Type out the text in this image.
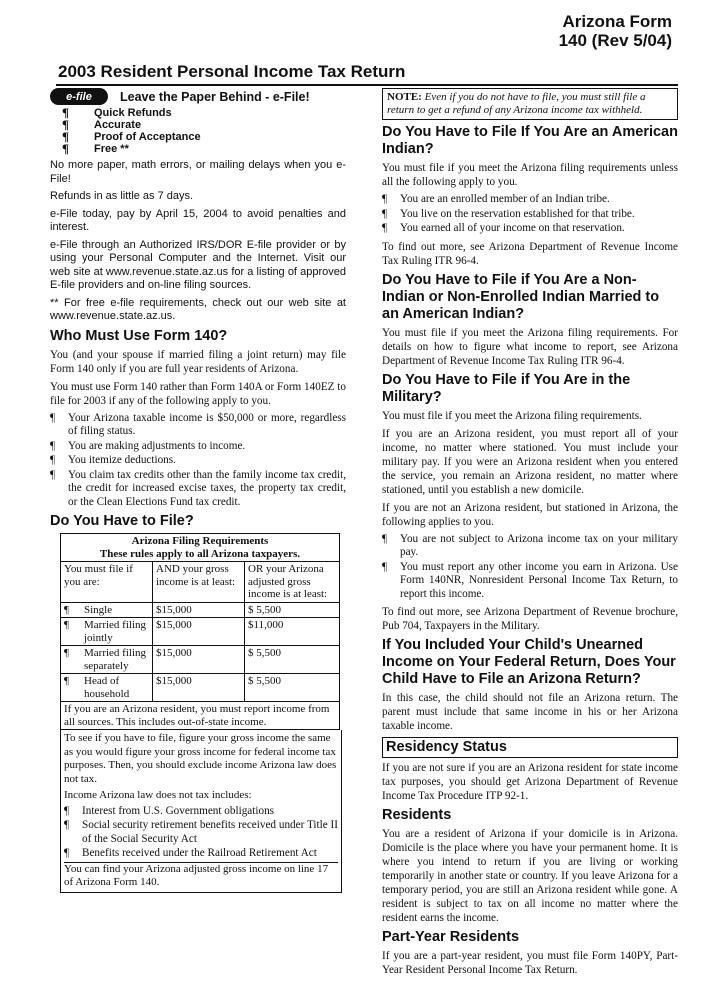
Arizona Form
140 (Rev 5/04)
2003 Resident Personal Income Tax Return
e-file	Leave the Paper Behind - e-File!
¶	Quick Refunds
¶	Accurate
¶	Proof of Acceptance
¶	Free **

No more paper, math errors, or mailing delays when you e-File!

Refunds in as little as 7 days.

e-File today, pay by April 15, 2004 to avoid penalties and interest.

e-File through an Authorized IRS/DOR E-file provider or by using your Personal Computer and the Internet. Visit our web site at www.revenue.state.az.us for a listing of approved E-file providers and on-line filing sources.

** For free e-file requirements, check out our web site at www.revenue.state.az.us.

Who Must Use Form 140?

You (and your spouse if married filing a joint return) may file Form 140 only if you are full year residents of Arizona.

You must use Form 140 rather than Form 140A or Form 140EZ to file for 2003 if any of the following apply to you.

¶	Your Arizona taxable income is $50,000 or more, regardless of filing status.
¶	You are making adjustments to income.
¶	You itemize deductions.
¶	You claim tax credits other than the family income tax credit, the credit for increased excise taxes, the property tax credit, or the Clean Elections Fund tax credit.
Do You Have to File?
Arizona Filing Requirements
These rules apply to all Arizona taxpayers.		

You must file if you are:	AND your gross income is at least:	OR your Arizona adjusted gross income is at least:
¶ Single	$15,000	$ 5,500

¶ Married filing jointly	$15,000	$11,000

¶ Married filing separately	$15,000	$ 5,500

¶ Head of household	$15,000	$ 5,500
If you are an Arizona resident, you must report income from all sources. This includes out-of-state income.		
To see if you have to file, figure your gross income the same as you would figure your gross income for federal income tax purposes. Then, you should exclude income Arizona law does not tax.
Income Arizona law does not tax includes:
¶	Interest from U.S. Government obligations
¶	Social security retirement benefits received under Title II of the Social Security Act
¶	Benefits received under the Railroad Retirement Act
You can find your Arizona adjusted gross income on line 17 of Arizona Form 140.
NOTE: Even if you do not have to file, you must still file a return to get a refund of any Arizona income tax withheld.
Do You Have to File If You Are an American Indian?

You must file if you meet the Arizona filing requirements unless all the following apply to you.

¶	You are an enrolled member of an Indian tribe.
¶	You live on the reservation established for that tribe.
¶	You earned all of your income on that reservation.

To find out more, see Arizona Department of Revenue Income Tax Ruling ITR 96-4.

Do You Have to File if You Are a Non-Indian or Non-Enrolled Indian Married to an American Indian?

You must file if you meet the Arizona filing requirements. For details on how to figure what income to report, see Arizona Department of Revenue Income Tax Ruling ITR 96-4.

Do You Have to File if You Are in the Military?

You must file if you meet the Arizona filing requirements.

If you are an Arizona resident, you must report all of your income, no matter where stationed. You must include your military pay. If you were an Arizona resident when you entered the service, you remain an Arizona resident, no matter where stationed, until you establish a new domicile.

If you are not an Arizona resident, but stationed in Arizona, the following applies to you.

¶	You are not subject to Arizona income tax on your military pay.
¶	You must report any other income you earn in Arizona. Use Form 140NR, Nonresident Personal Income Tax Return, to report this income.

To find out more, see Arizona Department of Revenue brochure, Pub 704, Taxpayers in the Military.

If You Included Your Child's Unearned Income on Your Federal Return, Does Your Child Have to File an Arizona Return?

In this case, the child should not file an Arizona return. The parent must include that same income in his or her Arizona taxable income.

Residency Status

If you are not sure if you are an Arizona resident for state income tax purposes, you should get Arizona Department of Revenue Income Tax Procedure ITP 92-1.

Residents

You are a resident of Arizona if your domicile is in Arizona. Domicile is the place where you have your permanent home. It is where you intend to return if you are living or working temporarily in another state or country. If you leave Arizona for a temporary period, you are still an Arizona resident while gone. A resident is subject to tax on all income no matter where the resident earns the income.

Part-Year Residents

If you are a part-year resident, you must file Form 140PY, Part-Year Resident Personal Income Tax Return.
